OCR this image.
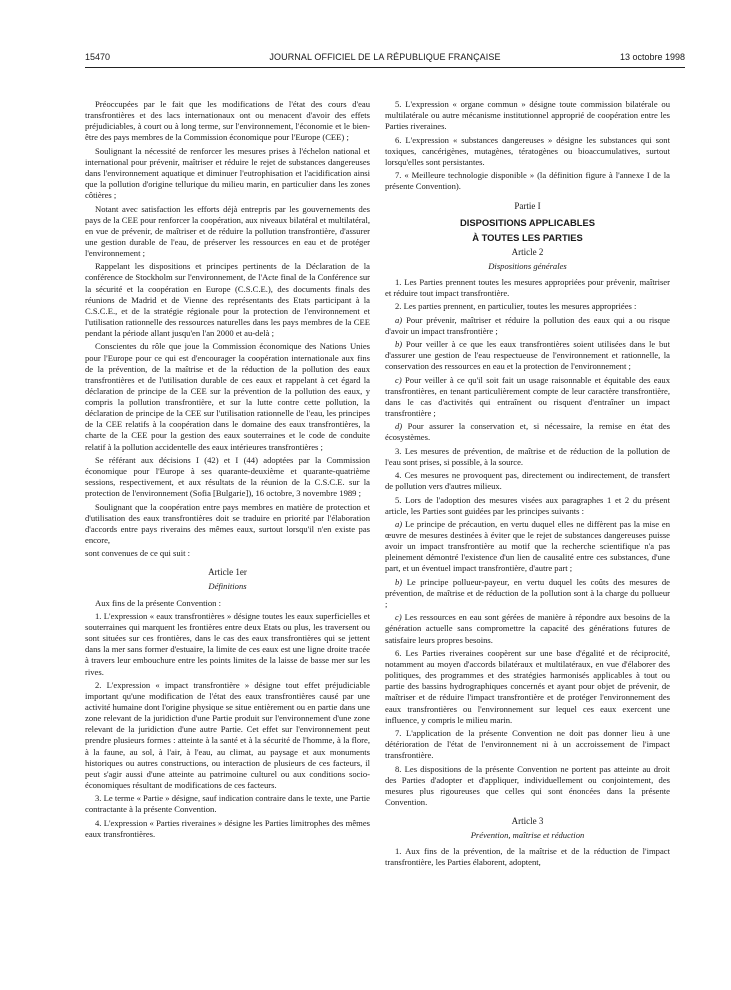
15470	JOURNAL OFFICIEL DE LA RÉPUBLIQUE FRANÇAISE	13 octobre 1998

Préoccupées par le fait que les modifications de l'état des cours d'eau transfrontières et des lacs internationaux ont ou menacent d'avoir des effets préjudiciables, à court ou à long terme, sur l'environnement, l'économie et le bien-être des pays membres de la Commission économique pour l'Europe (CEE) ;

Soulignant la nécessité de renforcer les mesures prises à l'échelon national et international pour prévenir, maîtriser et réduire le rejet de substances dangereuses dans l'environnement aquatique et diminuer l'eutrophisation et l'acidification ainsi que la pollution d'origine tellurique du milieu marin, en particulier dans les zones côtières ;

Notant avec satisfaction les efforts déjà entrepris par les gouvernements des pays de la CEE pour renforcer la coopération, aux niveaux bilatéral et multilatéral, en vue de prévenir, de maîtriser et de réduire la pollution transfrontière, d'assurer une gestion durable de l'eau, de préserver les ressources en eau et de protéger l'environnement ;

Rappelant les dispositions et principes pertinents de la Déclaration de la conférence de Stockholm sur l'environnement, de l'Acte final de la Conférence sur la sécurité et la coopération en Europe (C.S.C.E.), des documents finals des réunions de Madrid et de Vienne des représentants des Etats participant à la C.S.C.E., et de la stratégie régionale pour la protection de l'environnement et l'utilisation rationnelle des ressources naturelles dans les pays membres de la CEE pendant la période allant jusqu'en l'an 2000 et au-delà ;

Conscientes du rôle que joue la Commission économique des Nations Unies pour l'Europe pour ce qui est d'encourager la coopération internationale aux fins de la prévention, de la maîtrise et de la réduction de la pollution des eaux transfrontières et de l'utilisation durable de ces eaux et rappelant à cet égard la déclaration de principe de la CEE sur la prévention de la pollution des eaux, y compris la pollution transfrontière, et sur la lutte contre cette pollution, la déclaration de principe de la CEE sur l'utilisation rationnelle de l'eau, les principes de la CEE relatifs à la coopération dans le domaine des eaux transfrontières, la charte de la CEE pour la gestion des eaux souterraines et le code de conduite relatif à la pollution accidentelle des eaux intérieures transfrontières ;

Se référant aux décisions I (42) et I (44) adoptées par la Commission économique pour l'Europe à ses quarante-deuxième et quarante-quatrième sessions, respectivement, et aux résultats de la réunion de la C.S.C.E. sur la protection de l'environnement (Sofia [Bulgarie]), 16 octobre, 3 novembre 1989 ;

Soulignant que la coopération entre pays membres en matière de protection et d'utilisation des eaux transfrontières doit se traduire en priorité par l'élaboration d'accords entre pays riverains des mêmes eaux, surtout lorsqu'il n'en existe pas encore,

sont convenues de ce qui suit :

Article 1er
Définitions

Aux fins de la présente Convention :

1. L'expression « eaux transfrontières » désigne toutes les eaux superficielles et souterraines qui marquent les frontières entre deux Etats ou plus, les traversent ou sont situées sur ces frontières, dans le cas des eaux transfrontières qui se jettent dans la mer sans former d'estuaire, la limite de ces eaux est une ligne droite tracée à travers leur embouchure entre les points limites de la laisse de basse mer sur les rives.

2. L'expression « impact transfrontière » désigne tout effet préjudiciable important qu'une modification de l'état des eaux transfrontières causé par une activité humaine dont l'origine physique se situe entièrement ou en partie dans une zone relevant de la juridiction d'une Partie produit sur l'environnement d'une zone relevant de la juridiction d'une autre Partie. Cet effet sur l'environnement peut prendre plusieurs formes : atteinte à la santé et à la sécurité de l'homme, à la flore, à la faune, au sol, à l'air, à l'eau, au climat, au paysage et aux monuments historiques ou autres constructions, ou interaction de plusieurs de ces facteurs, il peut s'agir aussi d'une atteinte au patrimoine culturel ou aux conditions socio-économiques résultant de modifications de ces facteurs.

3. Le terme « Partie » désigne, sauf indication contraire dans le texte, une Partie contractante à la présente Convention.

4. L'expression « Parties riveraines » désigne les Parties limitrophes des mêmes eaux transfrontières.

5. L'expression « organe commun » désigne toute commission bilatérale ou multilatérale ou autre mécanisme institutionnel approprié de coopération entre les Parties riveraines.

6. L'expression « substances dangereuses » désigne les substances qui sont toxiques, cancérigènes, mutagènes, tératogènes ou bioaccumulatives, surtout lorsqu'elles sont persistantes.

7. « Meilleure technologie disponible » (la définition figure à l'annexe I de la présente Convention).

Partie I
DISPOSITIONS APPLICABLES
À TOUTES LES PARTIES
Article 2
Dispositions générales

1. Les Parties prennent toutes les mesures appropriées pour prévenir, maîtriser et réduire tout impact transfrontière.

2. Les parties prennent, en particulier, toutes les mesures appropriées :

a) Pour prévenir, maîtriser et réduire la pollution des eaux qui a ou risque d'avoir un impact transfrontière ;

b) Pour veiller à ce que les eaux transfrontières soient utilisées dans le but d'assurer une gestion de l'eau respectueuse de l'environnement et rationnelle, la conservation des ressources en eau et la protection de l'environnement ;

c) Pour veiller à ce qu'il soit fait un usage raisonnable et équitable des eaux transfrontières, en tenant particulièrement compte de leur caractère transfrontière, dans le cas d'activités qui entraînent ou risquent d'entraîner un impact transfrontière ;

d) Pour assurer la conservation et, si nécessaire, la remise en état des écosystèmes.

3. Les mesures de prévention, de maîtrise et de réduction de la pollution de l'eau sont prises, si possible, à la source.

4. Ces mesures ne provoquent pas, directement ou indirectement, de transfert de pollution vers d'autres milieux.

5. Lors de l'adoption des mesures visées aux paragraphes 1 et 2 du présent article, les Parties sont guidées par les principes suivants :

a) Le principe de précaution, en vertu duquel elles ne diffèrent pas la mise en œuvre de mesures destinées à éviter que le rejet de substances dangereuses puisse avoir un impact transfrontière au motif que la recherche scientifique n'a pas pleinement démontré l'existence d'un lien de causalité entre ces substances, d'une part, et un éventuel impact transfrontière, d'autre part ;

b) Le principe pollueur-payeur, en vertu duquel les coûts des mesures de prévention, de maîtrise et de réduction de la pollution sont à la charge du pollueur ;

c) Les ressources en eau sont gérées de manière à répondre aux besoins de la génération actuelle sans compromettre la capacité des générations futures de satisfaire leurs propres besoins.

6. Les Parties riveraines coopèrent sur une base d'égalité et de réciprocité, notamment au moyen d'accords bilatéraux et multilatéraux, en vue d'élaborer des politiques, des programmes et des stratégies harmonisés applicables à tout ou partie des bassins hydrographiques concernés et ayant pour objet de prévenir, de maîtriser et de réduire l'impact transfrontière et de protéger l'environnement des eaux transfrontières ou l'environnement sur lequel ces eaux exercent une influence, y compris le milieu marin.

7. L'application de la présente Convention ne doit pas donner lieu à une détérioration de l'état de l'environnement ni à un accroissement de l'impact transfrontière.

8. Les dispositions de la présente Convention ne portent pas atteinte au droit des Parties d'adopter et d'appliquer, individuellement ou conjointement, des mesures plus rigoureuses que celles qui sont énoncées dans la présente Convention.

Article 3
Prévention, maîtrise et réduction

1. Aux fins de la prévention, de la maîtrise et de la réduction de l'impact transfrontière, les Parties élaborent, adoptent,
